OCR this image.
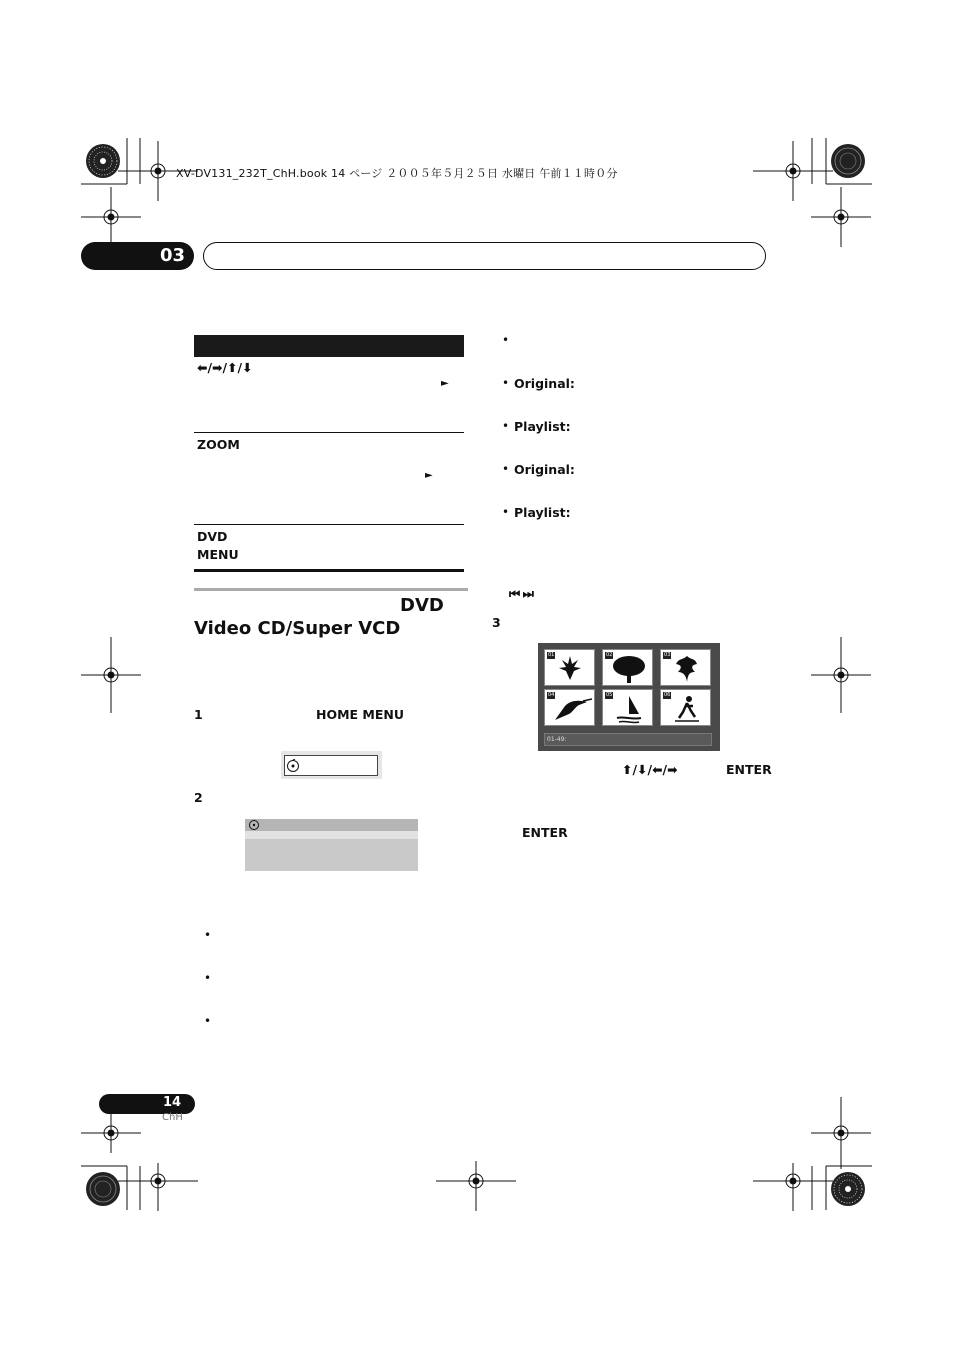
XV-DV131_232T_ChH.book 14 ページ ２００５年５月２５日 水曜日 午前１１時０分
03
⬅/➡/⬆/⬇
►
ZOOM
►
DVD
MENU
DVD
Video CD/Super VCD
1	HOME MENU
2
•
•
•
•
• Original:
• Playlist:
• Original:
• Playlist:
⏮ ⏭
3
01	02	03
04	05	06
01-49:
⬆/⬇/⬅/➡	ENTER
ENTER
14
ChH
